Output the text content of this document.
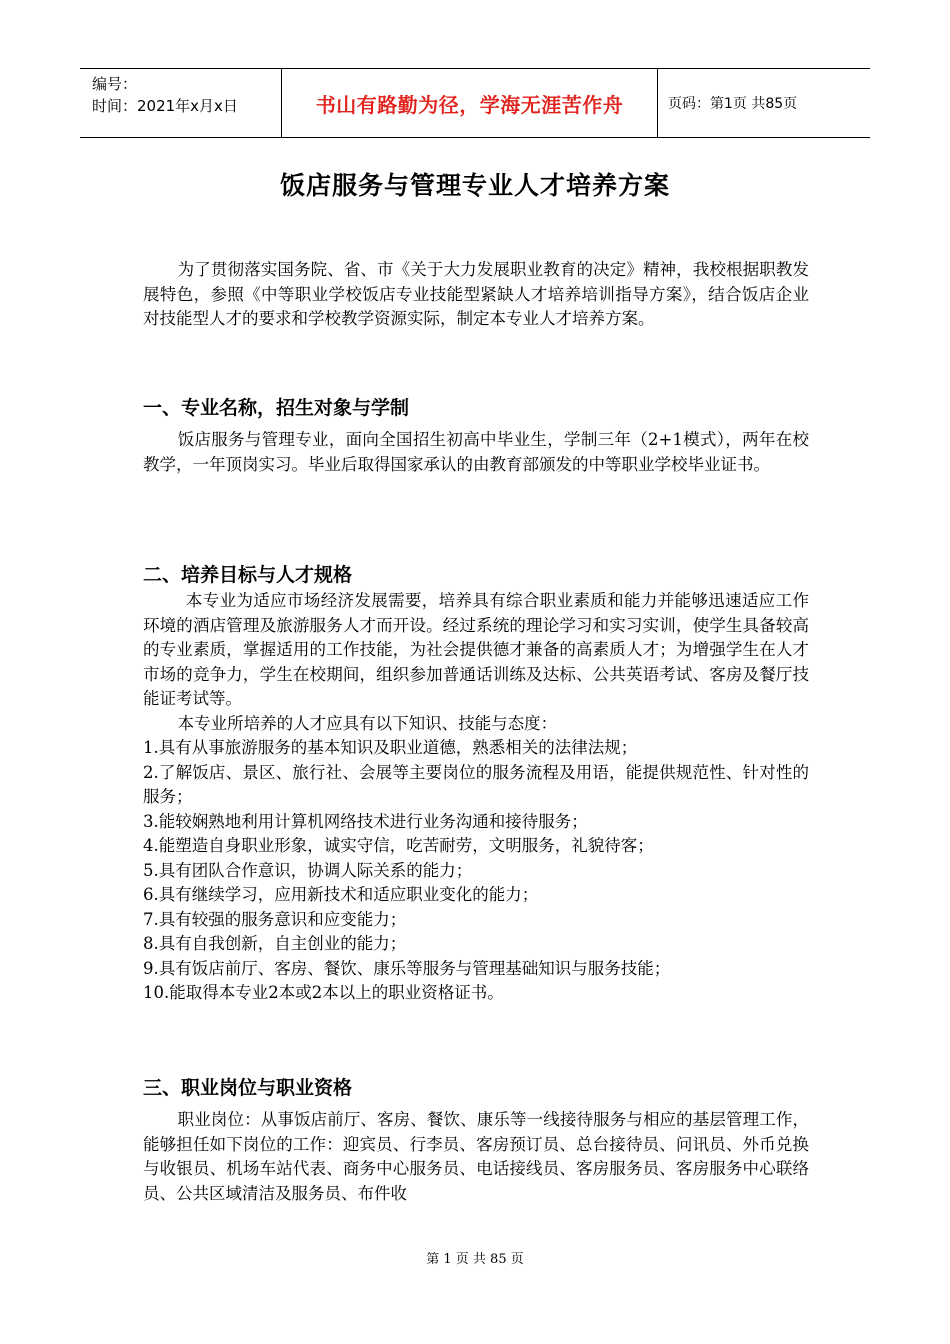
编号：
时间：2021年x月x日	书山有路勤为径，学海无涯苦作舟	页码：第1页 共85页
饭店服务与管理专业人才培养方案

为了贯彻落实国务院、省、市《关于大力发展职业教育的决定》精神，我校根据职教发展特色，参照《中等职业学校饭店专业技能型紧缺人才培养培训指导方案》，结合饭店企业对技能型人才的要求和学校教学资源实际，制定本专业人才培养方案。

一、专业名称，招生对象与学制

饭店服务与管理专业，面向全国招生初高中毕业生，学制三年（2+1模式），两年在校教学，一年顶岗实习。毕业后取得国家承认的由教育部颁发的中等职业学校毕业证书。

二、培养目标与人才规格

本专业为适应市场经济发展需要，培养具有综合职业素质和能力并能够迅速适应工作环境的酒店管理及旅游服务人才而开设。经过系统的理论学习和实习实训，使学生具备较高的专业素质，掌握适用的工作技能，为社会提供德才兼备的高素质人才；为增强学生在人才市场的竞争力，学生在校期间，组织参加普通话训练及达标、公共英语考试、客房及餐厅技能证考试等。

本专业所培养的人才应具有以下知识、技能与态度：

1.具有从事旅游服务的基本知识及职业道德，熟悉相关的法律法规；

2.了解饭店、景区、旅行社、会展等主要岗位的服务流程及用语，能提供规范性、针对性的服务；

3.能较娴熟地利用计算机网络技术进行业务沟通和接待服务；

4.能塑造自身职业形象，诚实守信，吃苦耐劳，文明服务，礼貌待客；

5.具有团队合作意识，协调人际关系的能力；

6.具有继续学习，应用新技术和适应职业变化的能力；

7.具有较强的服务意识和应变能力；

8.具有自我创新，自主创业的能力；

9.具有饭店前厅、客房、餐饮、康乐等服务与管理基础知识与服务技能；

10.能取得本专业2本或2本以上的职业资格证书。

三、职业岗位与职业资格

职业岗位：从事饭店前厅、客房、餐饮、康乐等一线接待服务与相应的基层管理工作，能够担任如下岗位的工作：迎宾员、行李员、客房预订员、总台接待员、问讯员、外币兑换与收银员、机场车站代表、商务中心服务员、电话接线员、客房服务员、客房服务中心联络员、公共区域清洁及服务员、布件收

第 1 页 共 85 页
